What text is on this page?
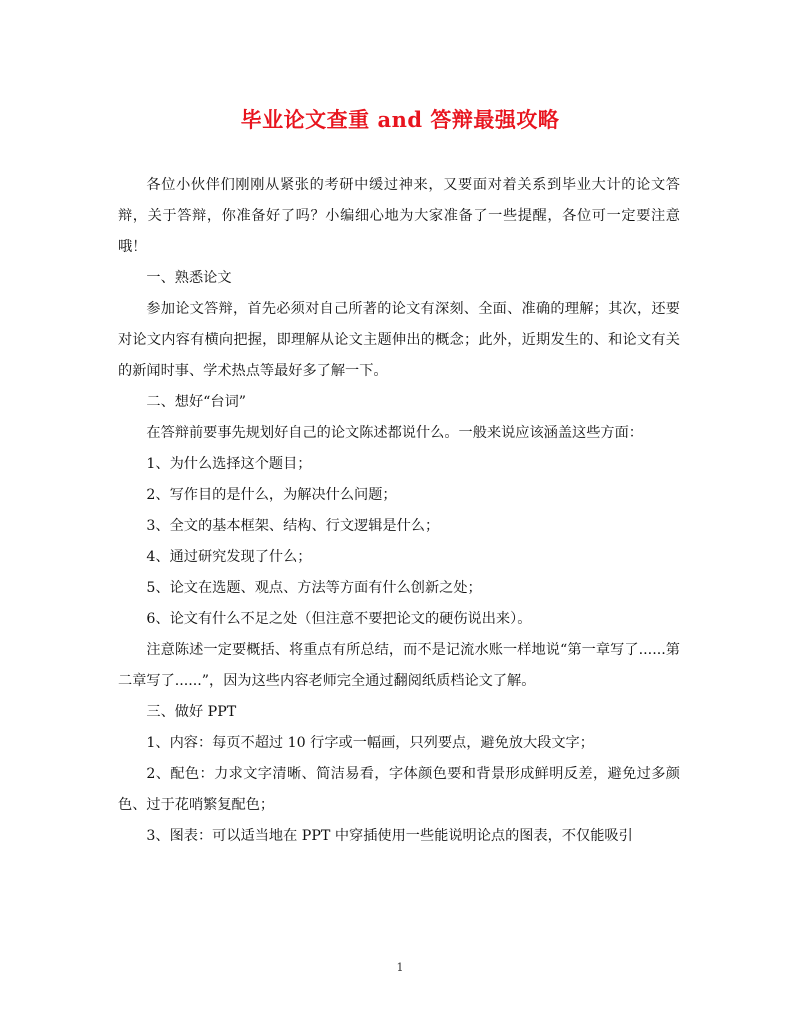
毕业论文查重 and 答辩最强攻略

各位小伙伴们刚刚从紧张的考研中缓过神来，又要面对着关系到毕业大计的论文答辩，关于答辩，你准备好了吗？小编细心地为大家准备了一些提醒，各位可一定要注意哦！

一、熟悉论文

参加论文答辩，首先必须对自己所著的论文有深刻、全面、准确的理解；其次，还要对论文内容有横向把握，即理解从论文主题伸出的概念；此外，近期发生的、和论文有关的新闻时事、学术热点等最好多了解一下。

二、想好“台词”

在答辩前要事先规划好自己的论文陈述都说什么。一般来说应该涵盖这些方面：

1、为什么选择这个题目；

2、写作目的是什么，为解决什么问题；

3、全文的基本框架、结构、行文逻辑是什么；

4、通过研究发现了什么；

5、论文在选题、观点、方法等方面有什么创新之处；

6、论文有什么不足之处（但注意不要把论文的硬伤说出来）。

注意陈述一定要概括、将重点有所总结，而不是记流水账一样地说“第一章写了......第二章写了......”，因为这些内容老师完全通过翻阅纸质档论文了解。

三、做好 PPT

1、内容：每页不超过 10 行字或一幅画，只列要点，避免放大段文字；

2、配色：力求文字清晰、简洁易看，字体颜色要和背景形成鲜明反差，避免过多颜色、过于花哨繁复配色；

3、图表：可以适当地在 PPT 中穿插使用一些能说明论点的图表，不仅能吸引

1
